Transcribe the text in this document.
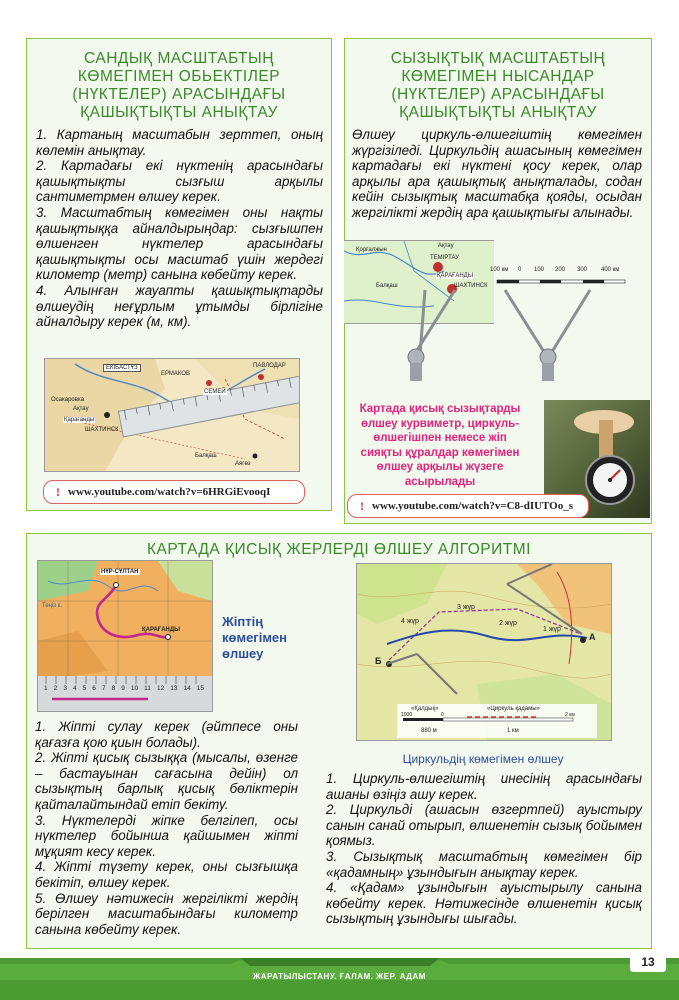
САНДЫҚ МАСШТАБТЫҢ
КӨМЕГІМЕН ОБЬЕКТІЛЕР
(НҮКТЕЛЕР) АРАСЫНДАҒЫ
ҚАШЫҚТЫҚТЫ АНЫҚТАУ

1. Картаның масштабын зерттеп, оның көлемін анықтау.

2. Картадағы екі нүктенің арасындағы қашықтықты сызғыш арқылы сантиметрмен өлшеу керек.

3. Масштабтың көмегімен оны нақты қашықтыққа айналдырыңдар: сызғышпен өлшенген нүктелер арасындағы қашықтықты осы масштаб үшін жердегі километр (метр) санына көбейту керек.

4. Алынған жауапты қашықтықтарды өлшеудің неғұрлым ұтымды бірлігіне айналдыру керек (м, км).

ЕКІБАСТҰЗ
ЕРМАКОВ
ПАВЛОДАР
СЕМЕЙ
Осакаровка
Ақтау
Қарағанды
ШАХТИНСК
Балқаш
Аягөз
! www.youtube.com/watch?v=6HRGiEvooqI
СЫЗЫҚТЫҚ МАСШТАБТЫҢ
КӨМЕГІМЕН НЫСАНДАР
(НҮКТЕЛЕР) АРАСЫНДАҒЫ
ҚАШЫҚТЫҚТЫ АНЫҚТАУ

Өлшеу циркуль-өлшегіштің көмегімен жүргізіледі. Циркульдің ашасының көмегімен картадағы екі нүктені қосу керек, олар арқылы ара қашықтық анықталады, содан кейін сызықтық масштабқа қояды, осыдан жергілікті жердің ара қашықтығы алынады.

Қорғалжын
ТЕМІРТАУ
Ақтау
ҚАРАҒАНДЫ
ШАХТИНСК
Балқаш
100 км 0 100 200 300 400 км
Картада қисық сызықтарды
өлшеу курвиметр, циркуль-
өлшегішпен немесе жіп
сияқты құралдар көмегімен
өлшеу арқылы жүзеге
асырылады
! www.youtube.com/watch?v=C8-dIUTOo_s
КАРТАДА ҚИСЫҚ ЖЕРЛЕРДІ ӨЛШЕУ АЛГОРИТМІ
НҰР-СҰЛТАН
ҚАРАҒАНДЫ
Теңіз к.
1 2 3 4 5 6 7 8 9 10 11 12 13 14 15
Жіптің
көмегімен
өлшеу

1. Жіпті сулау керек (әйтпесе оны қағазға қою қиын болады).

2. Жіпті қисық сызыққа (мысалы, өзенге – бастауынан сағасына дейін) ол сызықтың барлық қисық бөліктерін қайталайтындай етіп бекіту.

3. Нүктелерді жіпке белгілеп, осы нүктелер бойынша қайшымен жіпті мұқият кесу керек.

4. Жіпті түзету керек, оны сызғышқа бекітіп, өлшеу керек.

5. Өлшеу нәтижесін жергілікті жердің берілген масштабындағы километр санына көбейту керек.

1 жүр
2 жүр
3 жүр
4 жүр
А
Б
«Қалдық»	«Циркуль қадамы»
1000	0	2 км
880 м	1 км
Циркульдің көмегімен өлшеу

1. Циркуль-өлшегіштің инесінің арасындағы ашаны өзіңіз ашу керек.

2. Циркульді (ашасын өзгертпей) ауыстыру санын санай отырып, өлшенетін сызық бойымен қоямыз.

3. Сызықтық масштабтың көмегімен бір «қадамның» ұзындығын анықтау керек.

4. «Қадам» ұзындығын ауыстырылу санына көбейту керек. Нәтижесінде өлшенетін қисық сызықтың ұзындығы шығады.

ЖАРАТЫЛЫСТАНУ. ҒАЛАМ. ЖЕР. АДАМ
13
